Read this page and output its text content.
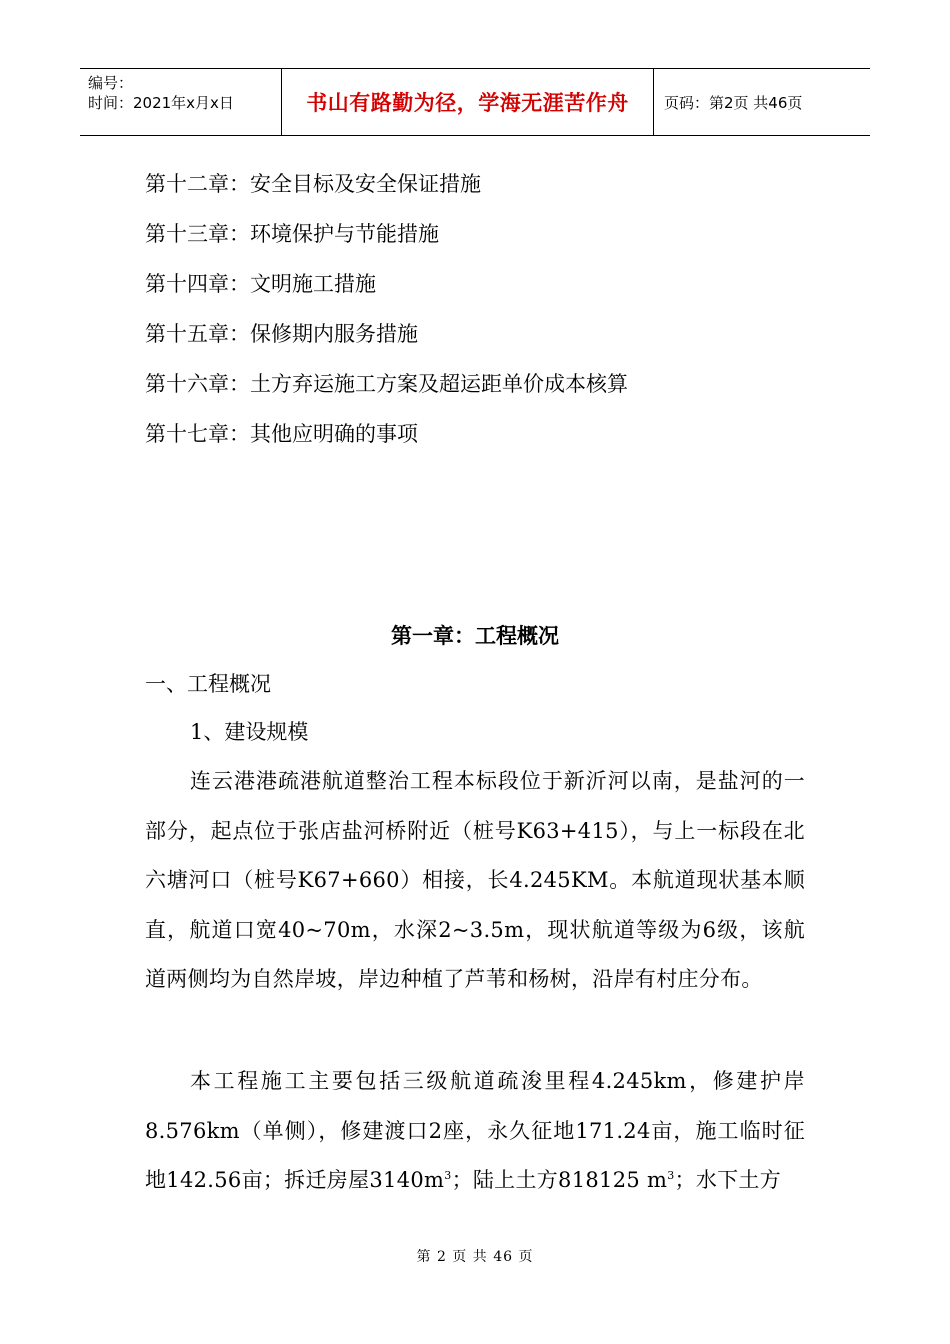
编号：
时间：2021年x月x日	书山有路勤为径，学海无涯苦作舟	页码：第2页 共46页
第十二章：安全目标及安全保证措施
第十三章：环境保护与节能措施
第十四章：文明施工措施
第十五章：保修期内服务措施
第十六章：土方弃运施工方案及超运距单价成本核算
第十七章：其他应明确的事项
第一章：工程概况
一、工程概况
1、建设规模
连云港港疏港航道整治工程本标段位于新沂河以南，是盐河的一部分，起点位于张店盐河桥附近（桩号K63+415），与上一标段在北六塘河口（桩号K67+660）相接，长4.245KM。本航道现状基本顺直，航道口宽40~70m，水深2~3.5m，现状航道等级为6级，该航道两侧均为自然岸坡，岸边种植了芦苇和杨树，沿岸有村庄分布。
本工程施工主要包括三级航道疏浚里程4.245km，修建护岸8.576km（单侧），修建渡口2座，永久征地171.24亩，施工临时征地142.56亩；拆迁房屋$3140m^3$；陆上土方818125 $m^3$；水下土方
第 2 页 共 46 页
